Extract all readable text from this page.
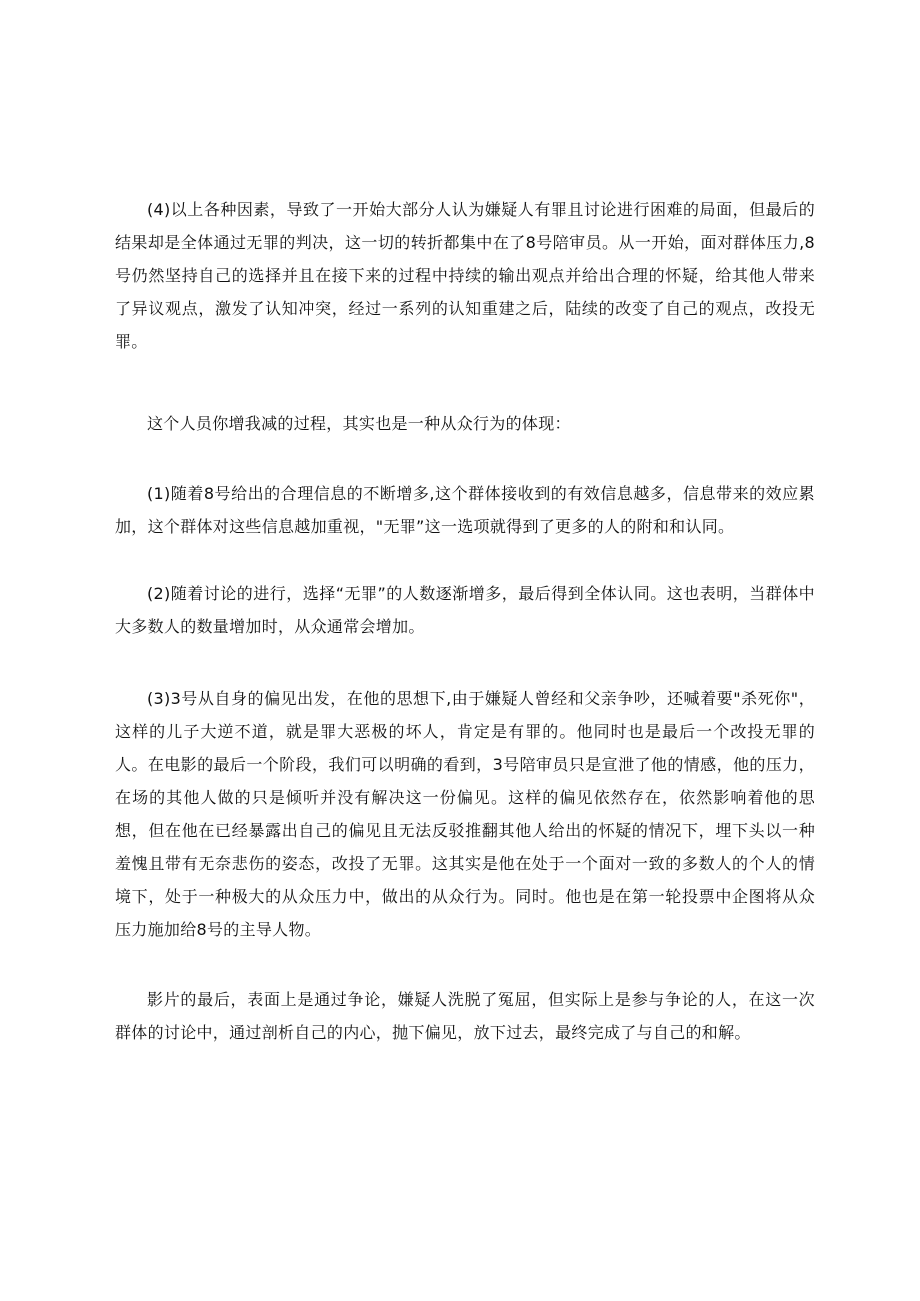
(4)以上各种因素，导致了一开始大部分人认为嫌疑人有罪且讨论进行困难的局面，但最后的结果却是全体通过无罪的判决，这一切的转折都集中在了8号陪审员。从一开始，面对群体压力,8号仍然坚持自己的选择并且在接下来的过程中持续的输出观点并给出合理的怀疑，给其他人带来了异议观点，激发了认知冲突，经过一系列的认知重建之后，陆续的改变了自己的观点，改投无罪。

这个人员你增我减的过程，其实也是一种从众行为的体现：

(1)随着8号给出的合理信息的不断增多,这个群体接收到的有效信息越多，信息带来的效应累加，这个群体对这些信息越加重视，"无罪”这一选项就得到了更多的人的附和和认同。

(2)随着讨论的进行，选择“无罪”的人数逐渐增多，最后得到全体认同。这也表明，当群体中大多数人的数量增加时，从众通常会增加。

(3)3号从自身的偏见出发，在他的思想下,由于嫌疑人曾经和父亲争吵，还喊着要"杀死你"，这样的儿子大逆不道，就是罪大恶极的坏人，肯定是有罪的。他同时也是最后一个改投无罪的人。在电影的最后一个阶段，我们可以明确的看到，3号陪审员只是宣泄了他的情感，他的压力，在场的其他人做的只是倾听并没有解决这一份偏见。这样的偏见依然存在，依然影响着他的思想，但在他在已经暴露出自己的偏见且无法反驳推翻其他人给出的怀疑的情况下，埋下头以一种羞愧且带有无奈悲伤的姿态，改投了无罪。这其实是他在处于一个面对一致的多数人的个人的情境下，处于一种极大的从众压力中，做出的从众行为。同时。他也是在第一轮投票中企图将从众压力施加给8号的主导人物。

影片的最后，表面上是通过争论，嫌疑人洗脱了冤屈，但实际上是参与争论的人，在这一次群体的讨论中，通过剖析自己的内心，抛下偏见，放下过去，最终完成了与自己的和解。
